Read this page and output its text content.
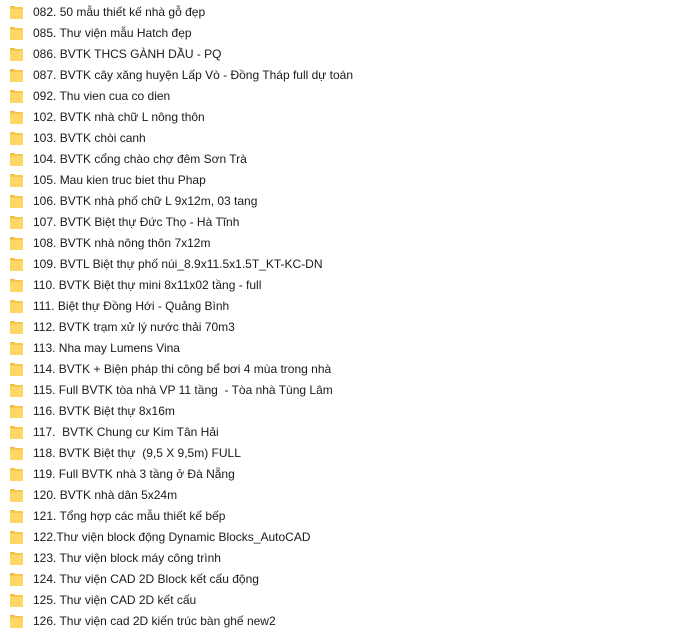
082. 50 mẫu thiết kế nhà gỗ đẹp
085. Thư viện mẫu Hatch đẹp
086. BVTK THCS GÀNH DẦU - PQ
087. BVTK cây xăng huyện Lấp Vò - Đồng Tháp full dự toán
092. Thu vien cua co dien
102. BVTK nhà chữ L nông thôn
103. BVTK chòi canh
104. BVTK cổng chào chợ đêm Sơn Trà
105. Mau kien truc biet thu Phap
106. BVTK nhà phố chữ L 9x12m, 03 tang
107. BVTK Biệt thự Đức Thọ - Hà Tĩnh
108. BVTK nhà nông thôn 7x12m
109. BVTL Biệt thự phố núi_8.9x11.5x1.5T_KT-KC-DN
110. BVTK Biệt thự mini 8x11x02 tầng - full
111. Biệt thự Đồng Hới - Quảng Bình
112. BVTK trạm xử lý nước thải 70m3
113. Nha may Lumens Vina
114. BVTK + Biện pháp thi công bể bơi 4 mùa trong nhà
115. Full BVTK tòa nhà VP 11 tầng  - Tòa nhà Tùng Lâm
116. BVTK Biệt thự 8x16m
117.  BVTK Chung cư Kim Tân Hải
118. BVTK Biệt thự  (9,5 X 9,5m) FULL
119. Full BVTK nhà 3 tầng ở Đà Nẵng
120. BVTK nhà dân 5x24m
121. Tổng hợp các mẫu thiết kế bếp
122.Thư viện block động Dynamic Blocks_AutoCAD
123. Thư viện block máy công trình
124. Thư viện CAD 2D Block kết cấu động
125. Thư viện CAD 2D kết cấu
126. Thư viện cad 2D kiến trúc bàn ghế new2
